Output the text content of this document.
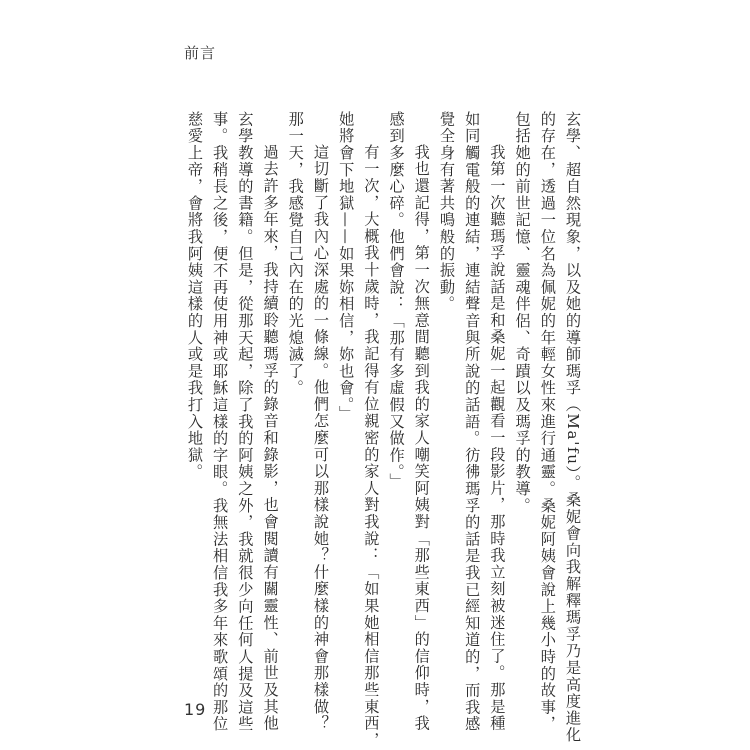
前言
玄學、超自然現象，以及她的導師瑪孚（Ma'fu）。桑妮會向我解釋瑪孚乃是高度進化
的存在，透過一位名為佩妮的年輕女性來進行通靈。桑妮阿姨會說上幾小時的故事，
包括她的前世記憶、靈魂伴侶、奇蹟以及瑪孚的教導。
我第一次聽瑪孚說話是和桑妮一起觀看一段影片，那時我立刻被迷住了。那是種
如同觸電般的連結，連結聲音與所說的話語。彷彿瑪孚的話是我已經知道的，而我感
覺全身有著共鳴般的振動。
我也還記得，第一次無意間聽到我的家人嘲笑阿姨對「那些東西」的信仰時，我
感到多麼心碎。他們會說：「那有多虛假又做作。」
有一次，大概我十歲時，我記得有位親密的家人對我說：「如果她相信那些東西，
她將會下地獄——如果妳相信，妳也會。」
這切斷了我內心深處的一條線。他們怎麼可以那樣說她？什麼樣的神會那樣做？
那一天，我感覺自己內在的光熄滅了。
過去許多年來，我持續聆聽瑪孚的錄音和錄影，也會閱讀有關靈性、前世及其他
玄學教導的書籍。但是，從那天起，除了我的阿姨之外，我就很少向任何人提及這些
事。我稍長之後，便不再使用神或耶穌這樣的字眼。我無法相信我多年來歌頌的那位
慈愛上帝，會將我阿姨這樣的人或是我打入地獄。
19
